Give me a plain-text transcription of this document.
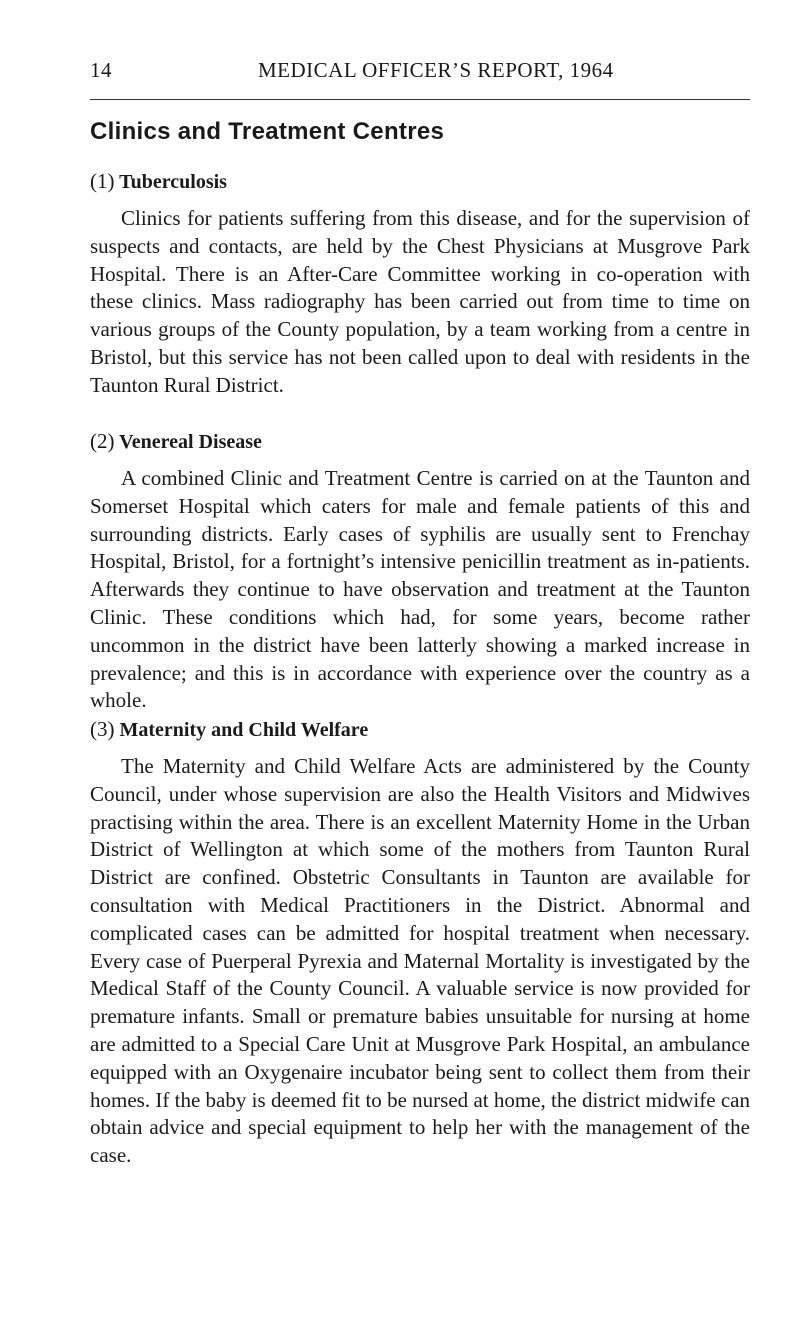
14	MEDICAL OFFICER’S REPORT, 1964
Clinics and Treatment Centres
(1) Tuberculosis

Clinics for patients suffering from this disease, and for the supervision of suspects and contacts, are held by the Chest Physicians at Musgrove Park Hospital. There is an After-Care Committee working in co-operation with these clinics. Mass radiography has been carried out from time to time on various groups of the County population, by a team working from a centre in Bristol, but this service has not been called upon to deal with residents in the Taunton Rural District.

(2) Venereal Disease

A combined Clinic and Treatment Centre is carried on at the Taunton and Somerset Hospital which caters for male and female patients of this and surrounding districts. Early cases of syphilis are usually sent to Frenchay Hospital, Bristol, for a fortnight’s intensive penicillin treatment as in-patients. Afterwards they continue to have observation and treatment at the Taunton Clinic. These conditions which had, for some years, become rather uncommon in the district have been latterly showing a marked increase in prevalence; and this is in accordance with experience over the country as a whole.

(3) Maternity and Child Welfare

The Maternity and Child Welfare Acts are administered by the County Council, under whose supervision are also the Health Visitors and Midwives practising within the area. There is an excellent Maternity Home in the Urban District of Wellington at which some of the mothers from Taunton Rural District are confined. Obstetric Consultants in Taunton are available for consultation with Medical Practitioners in the District. Abnormal and complicated cases can be admitted for hospital treatment when necessary. Every case of Puerperal Pyrexia and Maternal Mortality is investigated by the Medical Staff of the County Council. A valuable service is now provided for premature infants. Small or premature babies unsuitable for nursing at home are admitted to a Special Care Unit at Musgrove Park Hospital, an ambulance equipped with an Oxygenaire incubator being sent to collect them from their homes. If the baby is deemed fit to be nursed at home, the district midwife can obtain advice and special equipment to help her with the management of the case.
